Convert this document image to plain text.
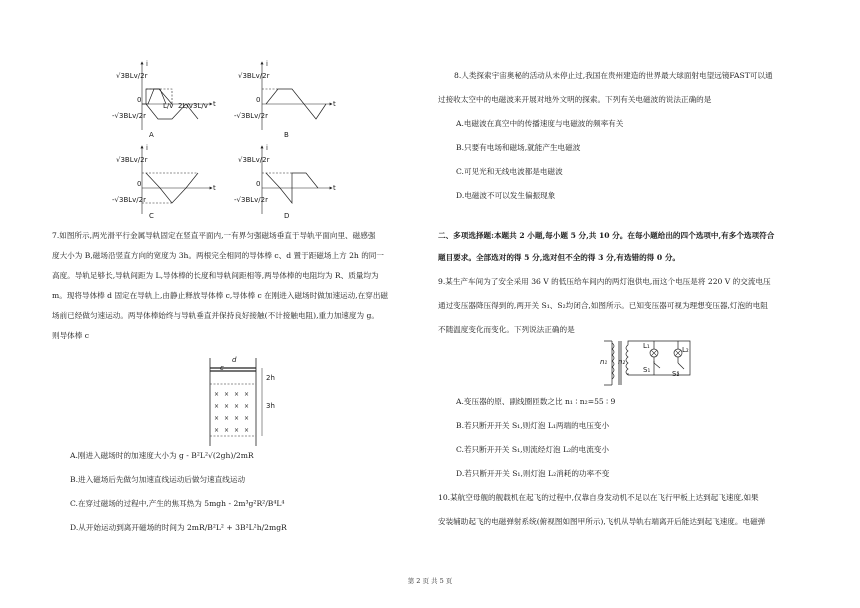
√3BLv/2r
-√3BLv/2r
0
i
t
L/v 2L/v 3L/v
A
√3BLv/2r
-√3BLv/2r
0
i
t
B
√3BLv/2r
-√3BLv/2r
0
i
t
C
√3BLv/2r
-√3BLv/2r
0
i
t
D
7.如图所示,两光滑平行金属导轨固定在竖直平面内,一有界匀强磁场垂直于导轨平面向里、磁感强
度大小为 B,磁场沿竖直方向的宽度为 3h。两根完全相同的导体棒 c、d 置于距磁场上方 2h 的同一
高度。导轨足够长,导轨间距为 L,导体棒的长度和导轨间距相等,两导体棒的电阻均为 R、质量均为
m。现将导体棒 d 固定在导轨上,由静止释放导体棒 c,导体棒 c 在刚进入磁场时做加速运动,在穿出磁
场前已经做匀速运动。两导体棒始终与导轨垂直并保持良好接触(不计接触电阻),重力加速度为 g。
则导体棒 c
× × × ×
× × × ×
× × × ×
× × × ×
d
c
2h
3h
A.刚进入磁场时的加速度大小为 g - B²L²√(2gh)/2mR
B.进入磁场后先做匀加速直线运动后做匀速直线运动
C.在穿过磁场的过程中,产生的焦耳热为 5mgh - 2m³g²R²/B⁴L⁴
D.从开始运动到离开磁场的时间为 2mR/B²L² + 3B²L²h/2mgR
8.人类探索宇宙奥秘的活动从未停止过,我国在贵州建造的世界最大球面射电望远镜FAST可以通
过接收太空中的电磁波来开展对地外文明的探索。下列有关电磁波的说法正确的是
A.电磁波在真空中的传播速度与电磁波的频率有关
B.只要有电场和磁场,就能产生电磁波
C.可见光和无线电波都是电磁波
D.电磁波不可以发生偏振现象
二、多项选择题:本题共 2 小题,每小题 5 分,共 10 分。在每小题给出的四个选项中,有多个选项符合
题目要求。全部选对的得 5 分,选对但不全的得 3 分,有选错的得 0 分。
9.某生产车间为了安全采用 36 V 的低压给车间内的两灯泡供电,而这个电压是将 220 V 的交流电压
通过变压器降压得到的,两开关 S₁、S₂均闭合,如图所示。已知变压器可视为理想变压器,灯泡的电阻
不随温度变化而变化。下列说法正确的是
n₁ n₂
L₁	L₂
S₁	S₂
A.变压器的原、副线圈匝数之比 n₁ ∶ n₂=55 ∶ 9
B.若只断开开关 S₁,则灯泡 L₁两端的电压变小
C.若只断开开关 S₁,则流经灯泡 L₂的电流变小
D.若只断开开关 S₁,则灯泡 L₂消耗的功率不变
10.某航空母舰的舰载机在起飞的过程中,仅靠自身发动机不足以在飞行甲板上达到起飞速度,如果
安装辅助起飞的电磁弹射系统(俯视图如图甲所示),飞机从导轨右端离开后能达到起飞速度。电磁弹
第 2 页 共 5 页
